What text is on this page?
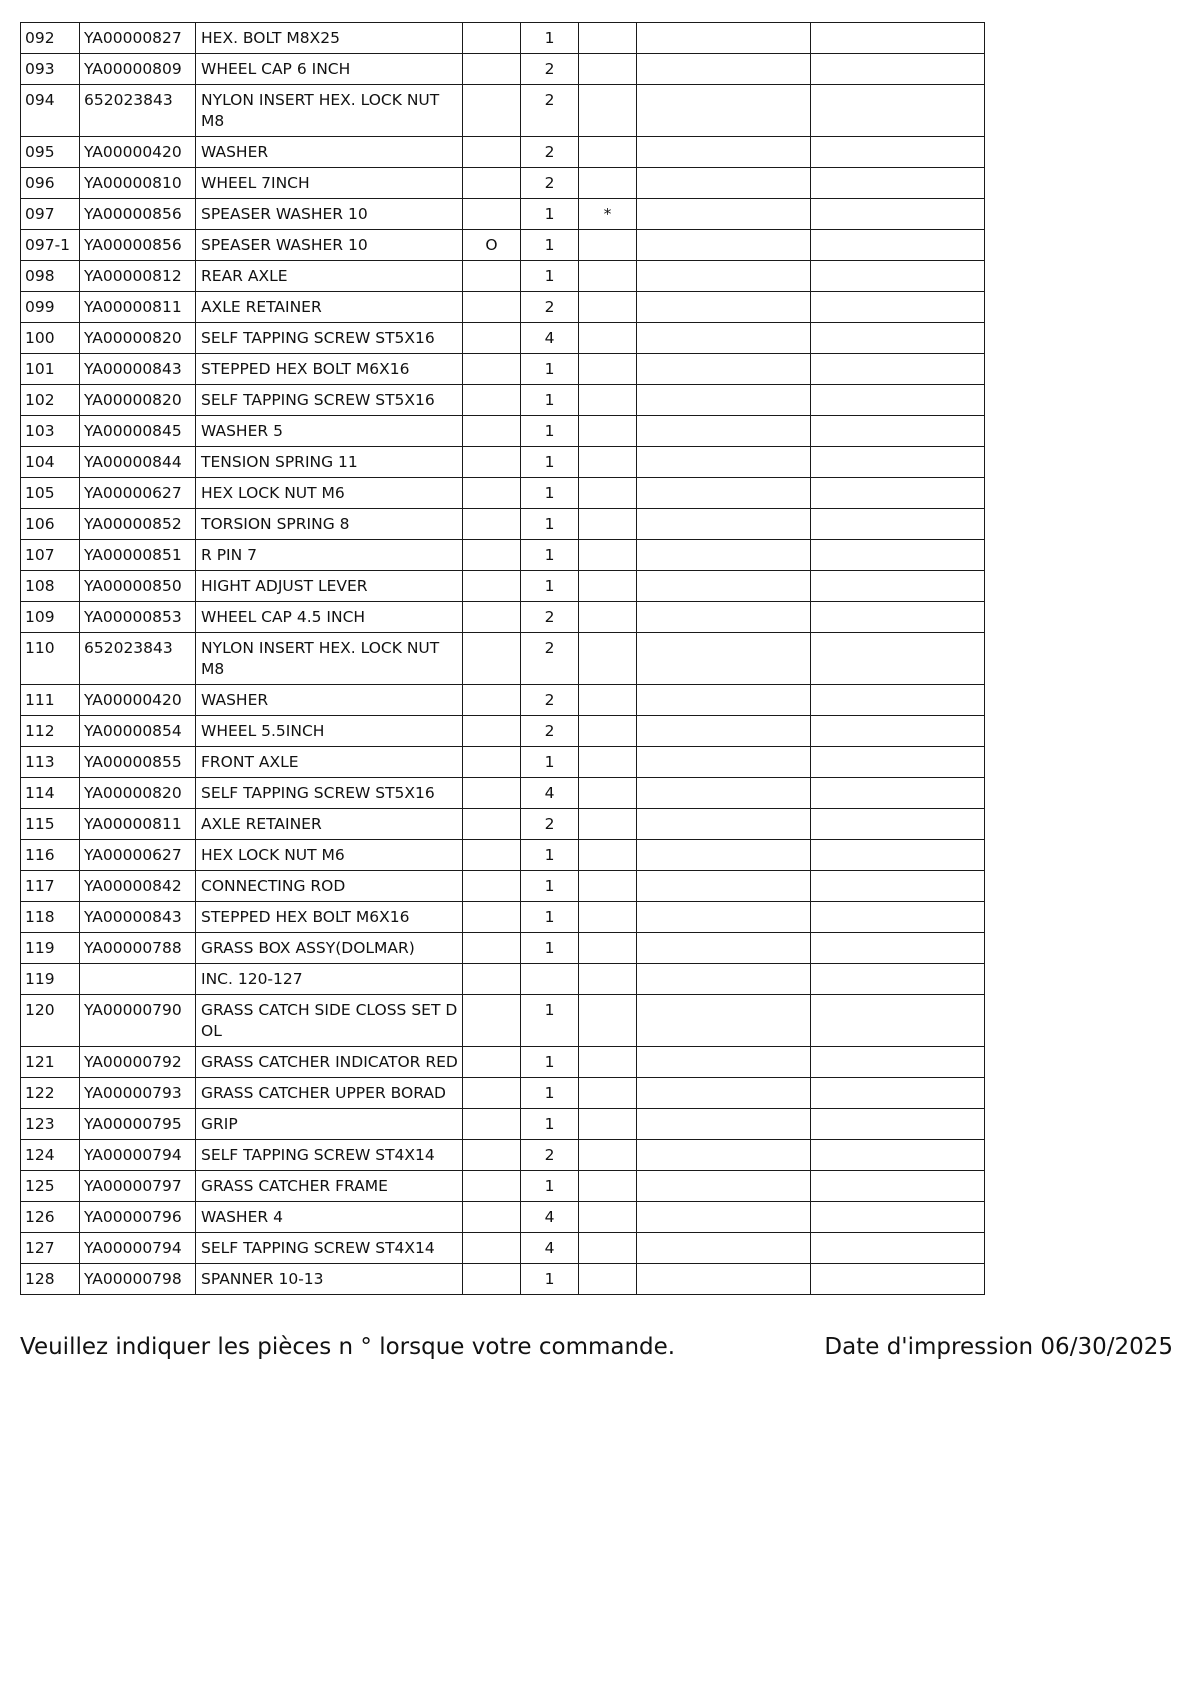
092	YA00000827	HEX. BOLT M8X25		1			
093	YA00000809	WHEEL CAP 6 INCH		2			
094	652023843	NYLON INSERT HEX. LOCK NUT M8		2			
095	YA00000420	WASHER		2			
096	YA00000810	WHEEL 7INCH		2			
097	YA00000856	SPEASER WASHER 10		1	*		
097-1	YA00000856	SPEASER WASHER 10	O	1			
098	YA00000812	REAR AXLE		1			
099	YA00000811	AXLE RETAINER		2			
100	YA00000820	SELF TAPPING SCREW ST5X16		4			
101	YA00000843	STEPPED HEX BOLT M6X16		1			
102	YA00000820	SELF TAPPING SCREW ST5X16		1			
103	YA00000845	WASHER 5		1			
104	YA00000844	TENSION SPRING 11		1			
105	YA00000627	HEX LOCK NUT M6		1			
106	YA00000852	TORSION SPRING 8		1			
107	YA00000851	R PIN 7		1			
108	YA00000850	HIGHT ADJUST LEVER		1			
109	YA00000853	WHEEL CAP 4.5 INCH		2			
110	652023843	NYLON INSERT HEX. LOCK NUT M8		2			
111	YA00000420	WASHER		2			
112	YA00000854	WHEEL 5.5INCH		2			
113	YA00000855	FRONT AXLE		1			
114	YA00000820	SELF TAPPING SCREW ST5X16		4			
115	YA00000811	AXLE RETAINER		2			
116	YA00000627	HEX LOCK NUT M6		1			
117	YA00000842	CONNECTING ROD		1			
118	YA00000843	STEPPED HEX BOLT M6X16		1			
119	YA00000788	GRASS BOX ASSY(DOLMAR)		1			
119		INC. 120-127					
120	YA00000790	GRASS CATCH SIDE CLOSS SET D OL		1			
121	YA00000792	GRASS CATCHER INDICATOR RED		1			
122	YA00000793	GRASS CATCHER UPPER BORAD		1			
123	YA00000795	GRIP		1			
124	YA00000794	SELF TAPPING SCREW ST4X14		2			
125	YA00000797	GRASS CATCHER FRAME		1			
126	YA00000796	WASHER 4		4			
127	YA00000794	SELF TAPPING SCREW ST4X14		4			
128	YA00000798	SPANNER 10-13		1			
Veuillez indiquer les pièces n ° lorsque votre commande.	Date d'impression 06/30/2025
